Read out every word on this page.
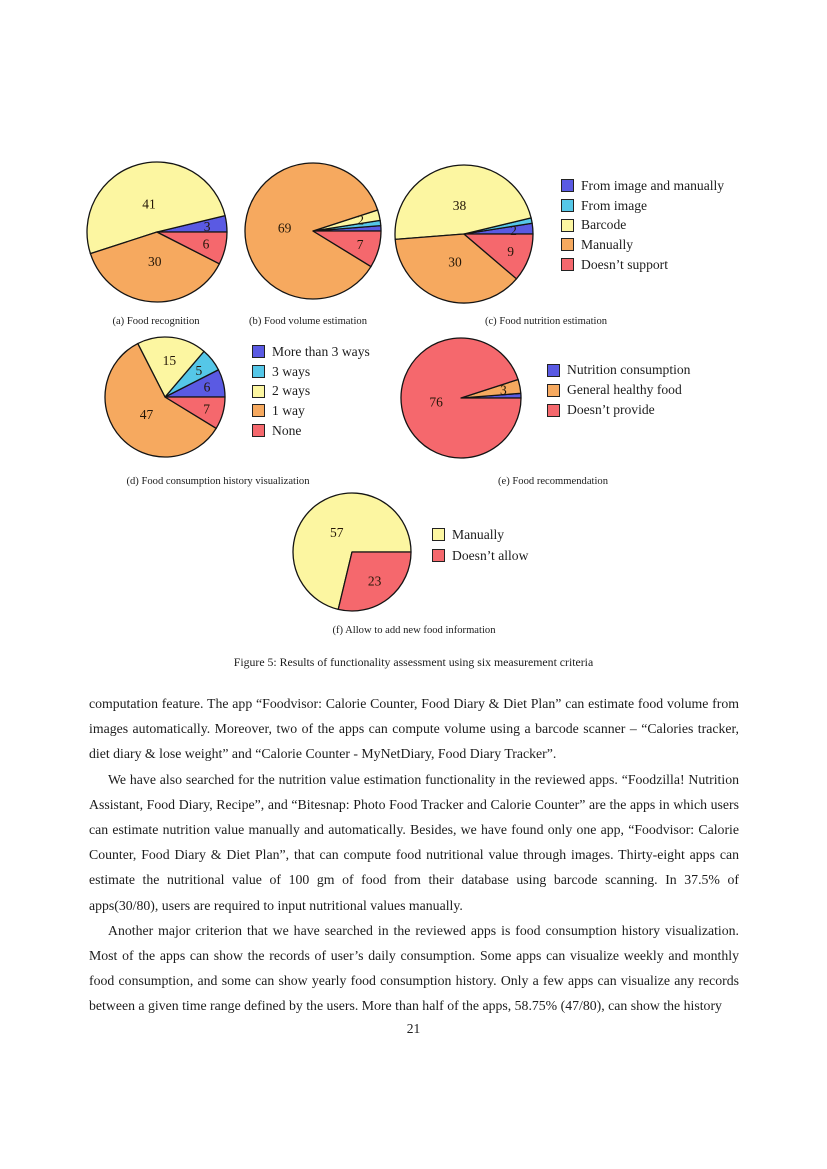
3
41
30
6
2
69
7
2
38
30
9
6
5
15
47	7
3
76
57
23
From image and manually
From image
Barcode
Manually
Doesn’t support
More than 3 ways
3 ways
2 ways
1 way
None
Nutrition consumption
General healthy food
Doesn’t provide
Manually
Doesn’t allow
(a) Food recognition	(b) Food volume estimation	(c) Food nutrition estimation
(d) Food consumption history visualization	(e) Food recommendation
(f) Allow to add new food information
Figure 5: Results of functionality assessment using six measurement criteria

computation feature. The app “Foodvisor: Calorie Counter, Food Diary & Diet Plan” can estimate food volume from images automatically. Moreover, two of the apps can compute volume using a barcode scanner – “Calories tracker, diet diary & lose weight” and “Calorie Counter - MyNetDiary, Food Diary Tracker”.

We have also searched for the nutrition value estimation functionality in the reviewed apps. “Foodzilla! Nutrition Assistant, Food Diary, Recipe”, and “Bitesnap: Photo Food Tracker and Calorie Counter” are the apps in which users can estimate nutrition value manually and automatically. Besides, we have found only one app, “Foodvisor: Calorie Counter, Food Diary & Diet Plan”, that can compute food nutritional value through images. Thirty-eight apps can estimate the nutritional value of 100 gm of food from their database using barcode scanning. In 37.5% of apps(30/80), users are required to input nutritional values manually.

Another major criterion that we have searched in the reviewed apps is food consumption history visualization. Most of the apps can show the records of user’s daily consumption. Some apps can visualize weekly and monthly food consumption, and some can show yearly food consumption history. Only a few apps can visualize any records between a given time range defined by the users. More than half of the apps, 58.75% (47/80), can show the history

21
